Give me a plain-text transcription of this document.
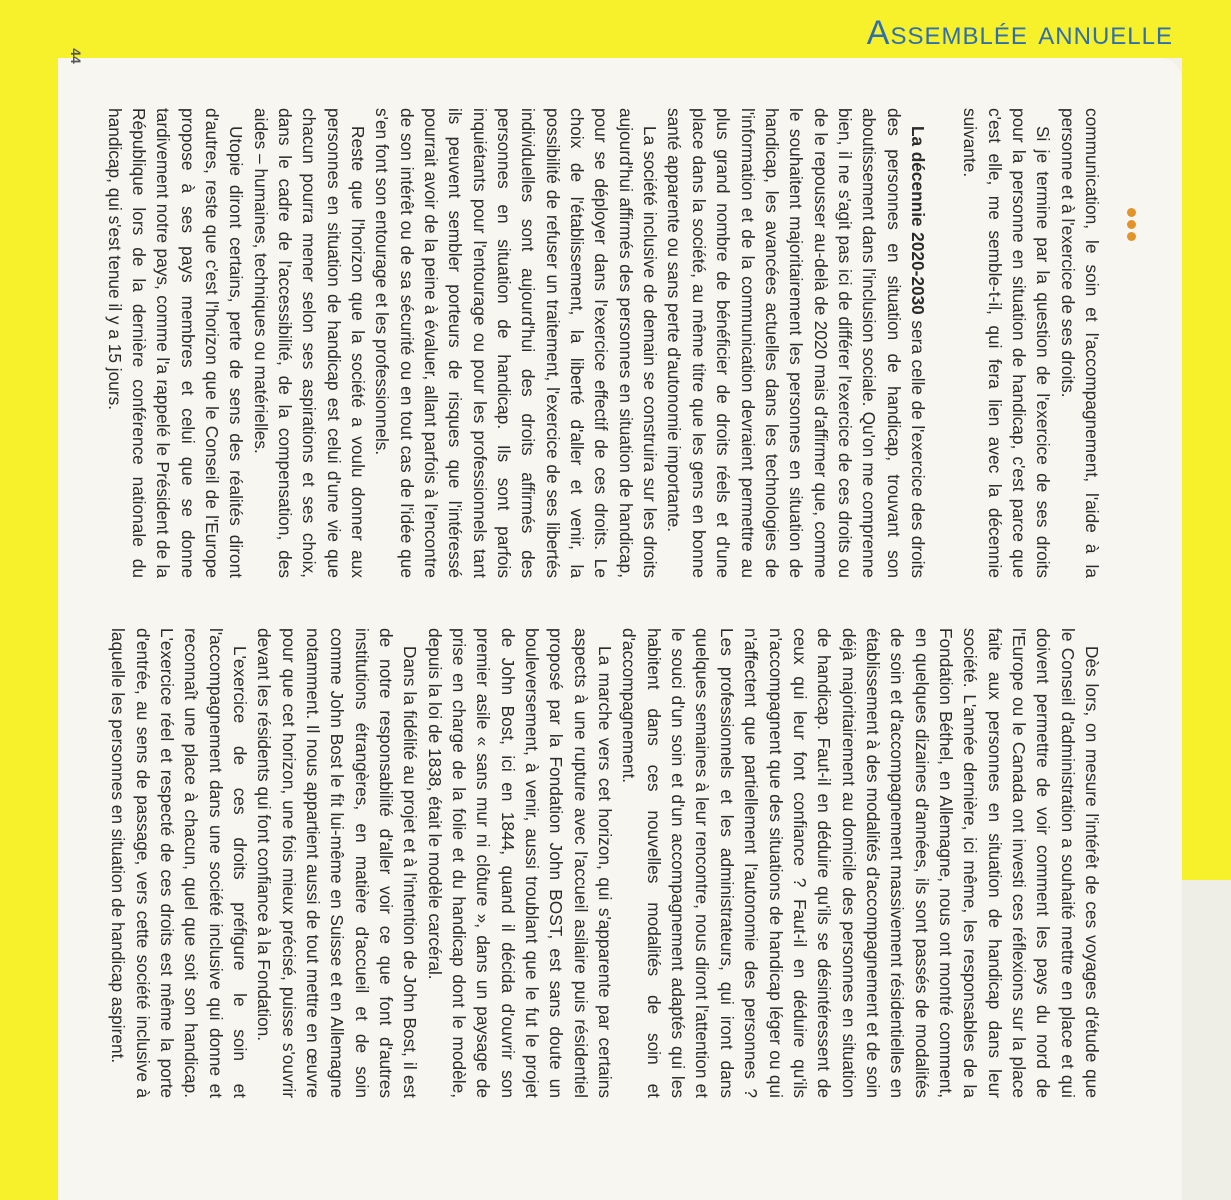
Assemblée annuelle
44

communication, le soin et l'accompagnement, l'aide à la personne et à l'exercice de ses droits.

Si je termine par la question de l'exercice de ses droits pour la personne en situation de handicap, c'est parce que c'est elle, me semble-t-il, qui fera lien avec la décennie suivante.

La décennie 2020-2030 sera celle de l'exercice des droits des personnes en situation de handicap, trouvant son aboutissement dans l'inclusion sociale. Qu'on me comprenne bien, il ne s'agit pas ici de différer l'exercice de ces droits ou de le repousser au-delà de 2020 mais d'affirmer que, comme le souhaitent majoritairement les personnes en situation de handicap, les avancées actuelles dans les technologies de l'information et de la communication devraient permettre au plus grand nombre de bénéficier de droits réels et d'une place dans la société, au même titre que les gens en bonne santé apparente ou sans perte d'autonomie importante.

La société inclusive de demain se construira sur les droits aujourd'hui affirmés des personnes en situation de handicap, pour se déployer dans l'exercice effectif de ces droits. Le choix de l'établissement, la liberté d'aller et venir, la possibilité de refuser un traitement, l'exercice de ses libertés individuelles sont aujourd'hui des droits affirmés des personnes en situation de handicap. Ils sont parfois inquiétants pour l'entourage ou pour les professionnels tant ils peuvent sembler porteurs de risques que l'intéressé pourrait avoir de la peine à évaluer, allant parfois à l'encontre de son intérêt ou de sa sécurité ou en tout cas de l'idée que s'en font son entourage et les professionnels.

Reste que l'horizon que la société a voulu donner aux personnes en situation de handicap est celui d'une vie que chacun pourra mener selon ses aspirations et ses choix, dans le cadre de l'accessibilité, de la compensation, des aides – humaines, techniques ou matérielles.

Utopie diront certains, perte de sens des réalités diront d'autres, reste que c'est l'horizon que le Conseil de l'Europe propose à ses pays membres et celui que se donne tardivement notre pays, comme l'a rappelé le Président de la République lors de la dernière conférence nationale du handicap, qui s'est tenue il y a 15 jours.

Dès lors, on mesure l'intérêt de ces voyages d'étude que le Conseil d'administration a souhaité mettre en place et qui doivent permettre de voir comment les pays du nord de l'Europe ou le Canada ont investi ces réflexions sur la place faite aux personnes en situation de handicap dans leur société. L'année dernière, ici même, les responsables de la Fondation Béthel, en Allemagne, nous ont montré comment, en quelques dizaines d'années, ils sont passés de modalités de soin et d'accompagnement massivement résidentielles en établissement à des modalités d'accompagnement et de soin déjà majoritairement au domicile des personnes en situation de handicap. Faut-il en déduire qu'ils se désintéressent de ceux qui leur font confiance ? Faut-il en déduire qu'ils n'accompagnent que des situations de handicap léger ou qui n'affectent que partiellement l'autonomie des personnes ? Les professionnels et les administrateurs, qui iront dans quelques semaines à leur rencontre, nous diront l'attention et le souci d'un soin et d'un accompagnement adaptés qui les habitent dans ces nouvelles modalités de soin et d'accompagnement.

La marche vers cet horizon, qui s'apparente par certains aspects à une rupture avec l'accueil asilaire puis résidentiel proposé par la Fondation John BOST, est sans doute un bouleversement, à venir, aussi troublant que le fut le projet de John Bost, ici en 1844, quand il décida d'ouvrir son premier asile « sans mur ni clôture », dans un paysage de prise en charge de la folie et du handicap dont le modèle, depuis la loi de 1838, était le modèle carcéral.

Dans la fidélité au projet et à l'intention de John Bost, il est de notre responsabilité d'aller voir ce que font d'autres institutions étrangères, en matière d'accueil et de soin comme John Bost le fit lui-même en Suisse et en Allemagne notamment. Il nous appartient aussi de tout mettre en œuvre pour que cet horizon, une fois mieux précisé, puisse s'ouvrir devant les résidents qui font confiance à la Fondation.

L'exercice de ces droits préfigure le soin et l'accompagnement dans une société inclusive qui donne et reconnaît une place à chacun, quel que soit son handicap. L'exercice réel et respecté de ces droits est même la porte d'entrée, au sens de passage, vers cette société inclusive à laquelle les personnes en situation de handicap aspirent.
